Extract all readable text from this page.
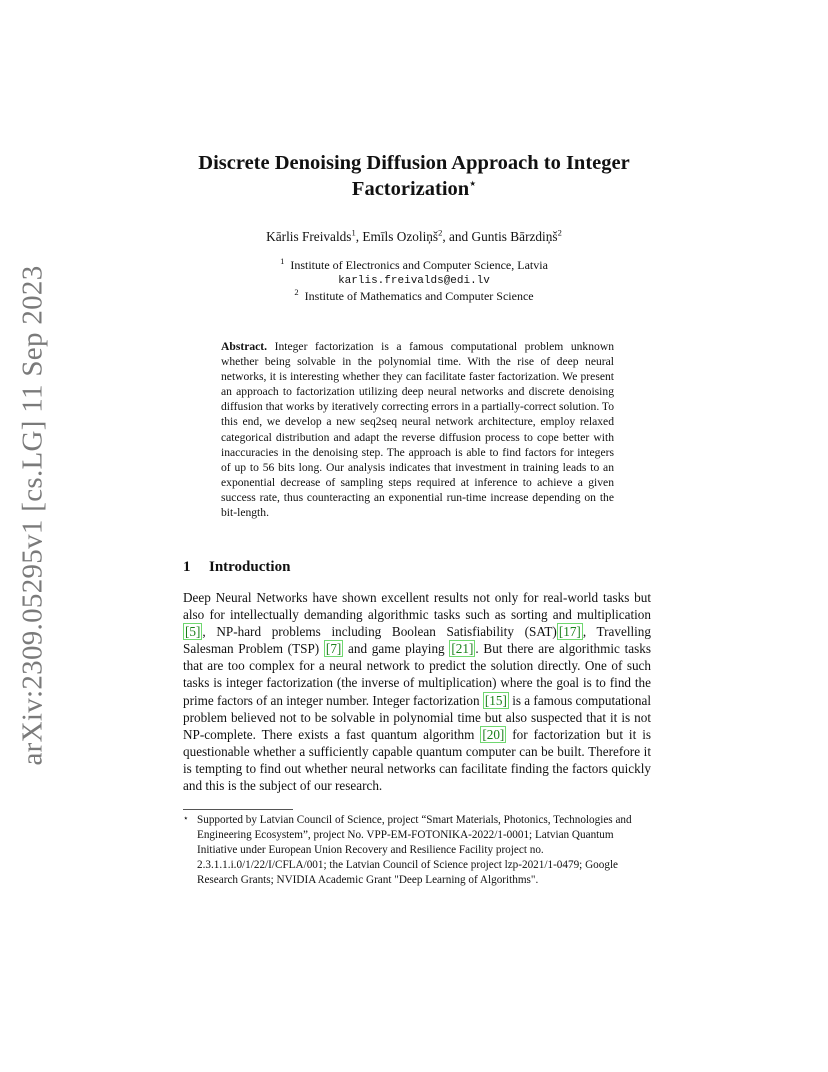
arXiv:2309.05295v1 [cs.LG] 11 Sep 2023
Discrete Denoising Diffusion Approach to Integer
Factorization⋆
Kārlis Freivalds$^1$, Emīls Ozoliņš$^2$, and Guntis Bārzdiņš$^2$
$^1$ Institute of Electronics and Computer Science, Latvia
karlis.freivalds@edi.lv
$^2$ Institute of Mathematics and Computer Science
Abstract. Integer factorization is a famous computational problem unknown whether being solvable in the polynomial time. With the rise of deep neural networks, it is interesting whether they can facilitate faster factorization. We present an approach to factorization utilizing deep neural networks and discrete denoising diffusion that works by iteratively correcting errors in a partially-correct solution. To this end, we develop a new seq2seq neural network architecture, employ relaxed categorical distribution and adapt the reverse diffusion process to cope better with inaccuracies in the denoising step. The approach is able to find factors for integers of up to 56 bits long. Our analysis indicates that investment in training leads to an exponential decrease of sampling steps required at inference to achieve a given success rate, thus counteracting an exponential run-time increase depending on the bit-length.
1 Introduction
Deep Neural Networks have shown excellent results not only for real-world tasks but also for intellectually demanding algorithmic tasks such as sorting and multiplication [5] , NP-hard problems including Boolean Satisfiability (SAT) [17] , Travelling Salesman Problem (TSP) [7] and game playing [21] . But there are algorithmic tasks that are too complex for a neural network to predict the solution directly. One of such tasks is integer factorization (the inverse of multiplication) where the goal is to find the prime factors of an integer number. Integer factorization [15] is a famous computational problem believed not to be solvable in polynomial time but also suspected that it is not NP-complete. There exists a fast quantum algorithm [20] for factorization but it is questionable whether a sufficiently capable quantum computer can be built. Therefore it is tempting to find out whether neural networks can facilitate finding the factors quickly and this is the subject of our research.
⋆ Supported by Latvian Council of Science, project “Smart Materials, Photonics, Technologies and Engineering Ecosystem”, project No. VPP-EM-FOTONIKA-2022/1-0001; Latvian Quantum Initiative under European Union Recovery and Resilience Facility project no. 2.3.1.1.i.0/1/22/I/CFLA/001; the Latvian Council of Science project lzp-2021/1-0479; Google Research Grants; NVIDIA Academic Grant "Deep Learning of Algorithms".
